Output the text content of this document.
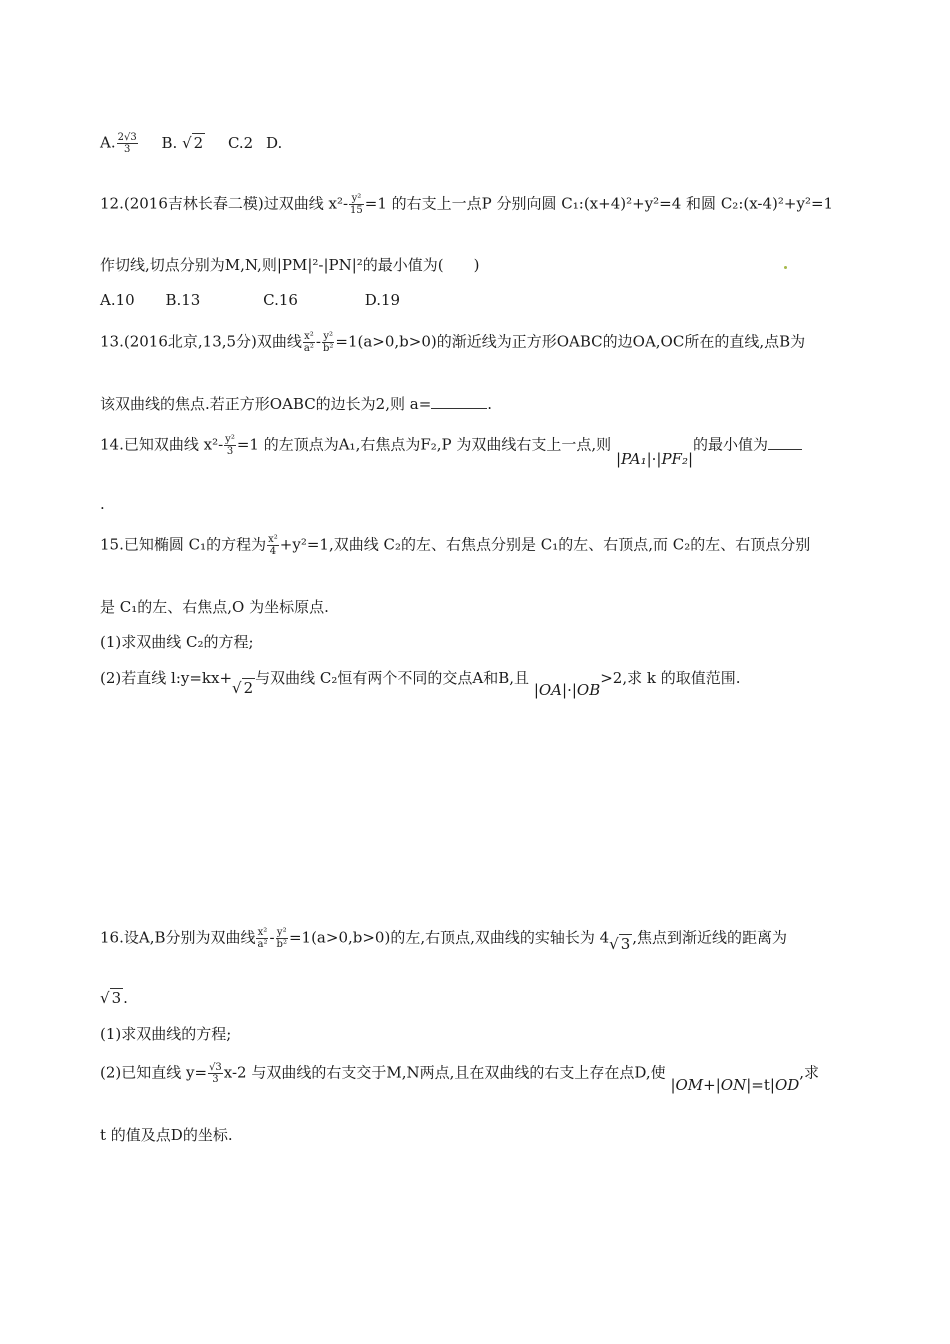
A. $\frac{2√3}{3} B$. √ 2 C.2 D.
12.(2016吉林长春二模)过双曲线 $x^2- \frac{\text{y²}}{15} =1$ 的右支上一点P 分别向圆 C₁:(x+4)²+y²=4 和圆 C₂:(x-4)²+y²=1
作切线,切点分别为M,N,则|PM|²-|PN|²的最小值为(　　)
A.10 B.13	C.16	D.19
13.(2016北京,13,5分)双曲线 $\frac{\text{x²}}{\text{a²}} - \frac{\text{y²}}{\text{b²}} =1(a>0,b>0)$的渐近线为正方形OABC的边OA,OC所在的直线,点B为
该双曲线的焦点.若正方形OABC的边长为2,则 a=	.
14.已知双曲线 $x^2- \frac{\text{y²}}{3} =1$ 的左顶点为A₁,右焦点为F₂,P 为双曲线右支上一点,则 |PA₁|·|PF₂|的最小值为
.
15.已知椭圆 C₁的方程为 $\frac{\text{x²}}{4} +y^2=1$,双曲线 C₂的左、右焦点分别是 C₁的左、右顶点,而 C₂的左、右顶点分别
是 C₁的左、右焦点,O 为坐标原点.
(1)求双曲线 C₂的方程;
(2)若直线 l:y=kx+√ 2与双曲线 C₂恒有两个不同的交点A和B,且 |OA|·|OB>2,求 k 的取值范围.
16.设A,B分别为双曲线 $\frac{\text{x²}}{\text{a²}} - \frac{\text{y²}}{\text{b²}} =1(a>0,b>0)$的左,右顶点,双曲线的实轴长为 4√ 3 ,焦点到渐近线的距离为
√ 3 .
(1)求双曲线的方程;
(2)已知直线 $y= \frac{√3}{3} x-2$ 与双曲线的右支交于M,N两点,且在双曲线的右支上存在点D,使 |OM+|ON|=t|OD,求
t 的值及点D的坐标.
